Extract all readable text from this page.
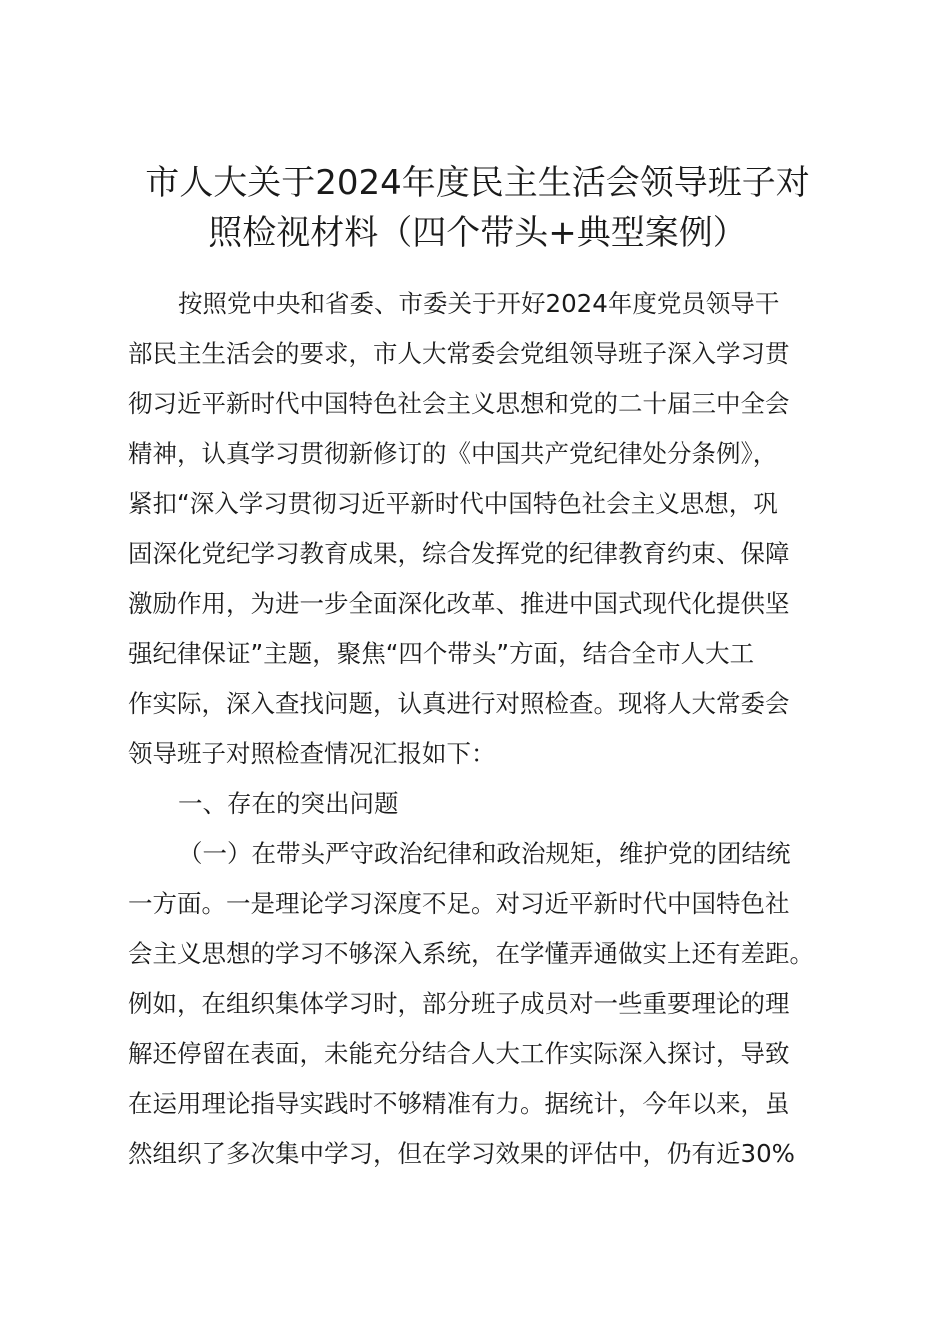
市人大关于2024年度民主生活会领导班子对
照检视材料（四个带头+典型案例）
按照党中央和省委、市委关于开好2024年度党员领导干
部民主生活会的要求，市人大常委会党组领导班子深入学习贯
彻习近平新时代中国特色社会主义思想和党的二十届三中全会
精神，认真学习贯彻新修订的《中国共产党纪律处分条例》，
紧扣“深入学习贯彻习近平新时代中国特色社会主义思想，巩
固深化党纪学习教育成果，综合发挥党的纪律教育约束、保障
激励作用，为进一步全面深化改革、推进中国式现代化提供坚
强纪律保证”主题，聚焦“四个带头”方面，结合全市人大工
作实际，深入查找问题，认真进行对照检查。现将人大常委会
领导班子对照检查情况汇报如下：
一、存在的突出问题
（一）在带头严守政治纪律和政治规矩，维护党的团结统
一方面。一是理论学习深度不足。对习近平新时代中国特色社
会主义思想的学习不够深入系统，在学懂弄通做实上还有差距。
例如，在组织集体学习时，部分班子成员对一些重要理论的理
解还停留在表面，未能充分结合人大工作实际深入探讨，导致
在运用理论指导实践时不够精准有力。据统计，今年以来，虽
然组织了多次集中学习，但在学习效果的评估中，仍有近30%
